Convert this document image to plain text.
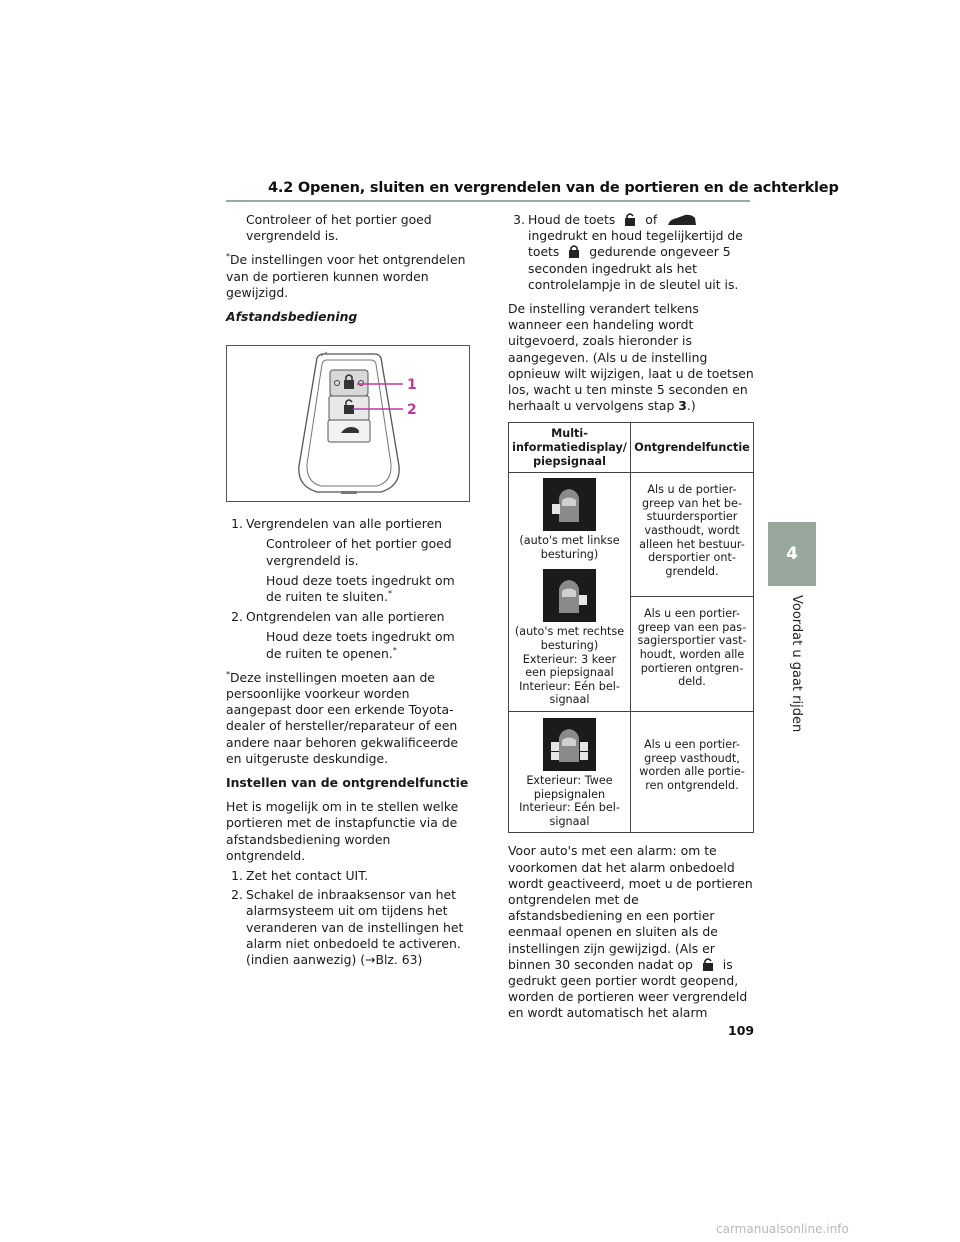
4.2 Openen, sluiten en vergrendelen van de portieren en de achterklep
4
Voordat u gaat rijden
Controleer of het portier goed vergrendeld is.
*De instellingen voor het ontgrendelen van de portieren kunnen worden gewijzigd.
Afstandsbediening
1
2
1. Vergrendelen van alle portieren
Controleer of het portier goed vergrendeld is.
Houd deze toets ingedrukt om de ruiten te sluiten.*
2. Ontgrendelen van alle portieren
Houd deze toets ingedrukt om de ruiten te openen.*
*Deze instellingen moeten aan de persoonlijke voorkeur worden aangepast door een erkende Toyota-dealer of hersteller/reparateur of een andere naar behoren gekwalificeerde en uitgeruste deskundige.
Instellen van de ontgrendelfunctie
Het is mogelijk om in te stellen welke portieren met de instapfunctie via de afstandsbediening worden ontgrendeld.
1. Zet het contact UIT.
2. Schakel de inbraaksensor van het alarmsysteem uit om tijdens het veranderen van de instellingen het alarm niet onbedoeld te activeren. (indien aanwezig) (→Blz. 63)
3. Houd de toets of  ingedrukt en houd tegelijkertijd de toets gedurende ongeveer 5 seconden ingedrukt als het controlelampje in de sleutel uit is.
De instelling verandert telkens wanneer een handeling wordt uitgevoerd, zoals hieronder is aangegeven. (Als u de instelling opnieuw wilt wijzigen, laat u de toetsen los, wacht u ten minste 5 seconden en herhaalt u vervolgens stap 3.)
Multi-informatiedisplay/ piepsignaal	Ontgrendelfunctie

(auto's met linkse besturing)
(auto's met rechtse besturing)
Exterieur: 3 keer een piepsignaal
Interieur: Eén bel-signaal	Als u de portier-greep van het be-stuurdersportier vasthoudt, wordt alleen het bestuur-dersportier ont-grendeld.
	Als u een portier-greep van een pas-sagiersportier vast-houdt, worden alle portieren ontgren-deld.

Exterieur: Twee piepsignalen
Interieur: Eén bel-signaal	Als u een portier-greep vasthoudt, worden alle portie-ren ontgrendeld.
Voor auto's met een alarm: om te voorkomen dat het alarm onbedoeld wordt geactiveerd, moet u de portieren ontgrendelen met de afstandsbediening en een portier eenmaal openen en sluiten als de instellingen zijn gewijzigd. (Als er binnen 30 seconden nadat op is gedrukt geen portier wordt geopend, worden de portieren weer vergrendeld en wordt automatisch het alarm
109
carmanualsonline.info
